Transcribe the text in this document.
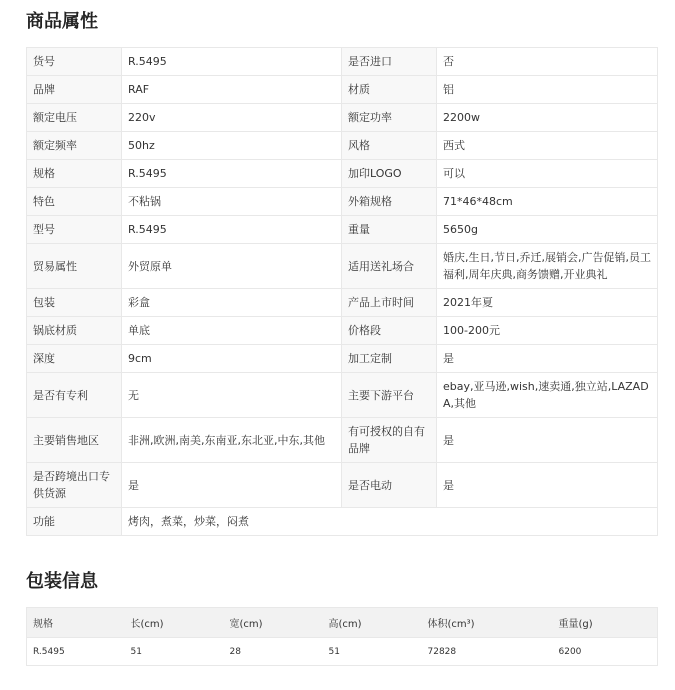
商品属性
货号	R.5495	是否进口	否
品牌	RAF	材质	铝
额定电压	220v	额定功率	2200w
额定频率	50hz	风格	西式
规格	R.5495	加印LOGO	可以
特色	不粘锅	外箱规格	71*46*48cm
型号	R.5495	重量	5650g
贸易属性	外贸原单	适用送礼场合	婚庆,生日,节日,乔迁,展销会,广告促销,员工福利,周年庆典,商务馈赠,开业典礼
包装	彩盒	产品上市时间	2021年夏
锅底材质	单底	价格段	100-200元
深度	9cm	加工定制	是
是否有专利	无	主要下游平台	ebay,亚马逊,wish,速卖通,独立站,LAZADA,其他
主要销售地区	非洲,欧洲,南美,东南亚,东北亚,中东,其他	有可授权的自有品牌	是
是否跨境出口专供货源	是	是否电动	是
功能	烤肉，煮菜，炒菜，闷煮		
包装信息
规格	长(cm)	宽(cm)	高(cm)	体积(cm³)	重量(g)
R.5495	51	28	51	72828	6200
